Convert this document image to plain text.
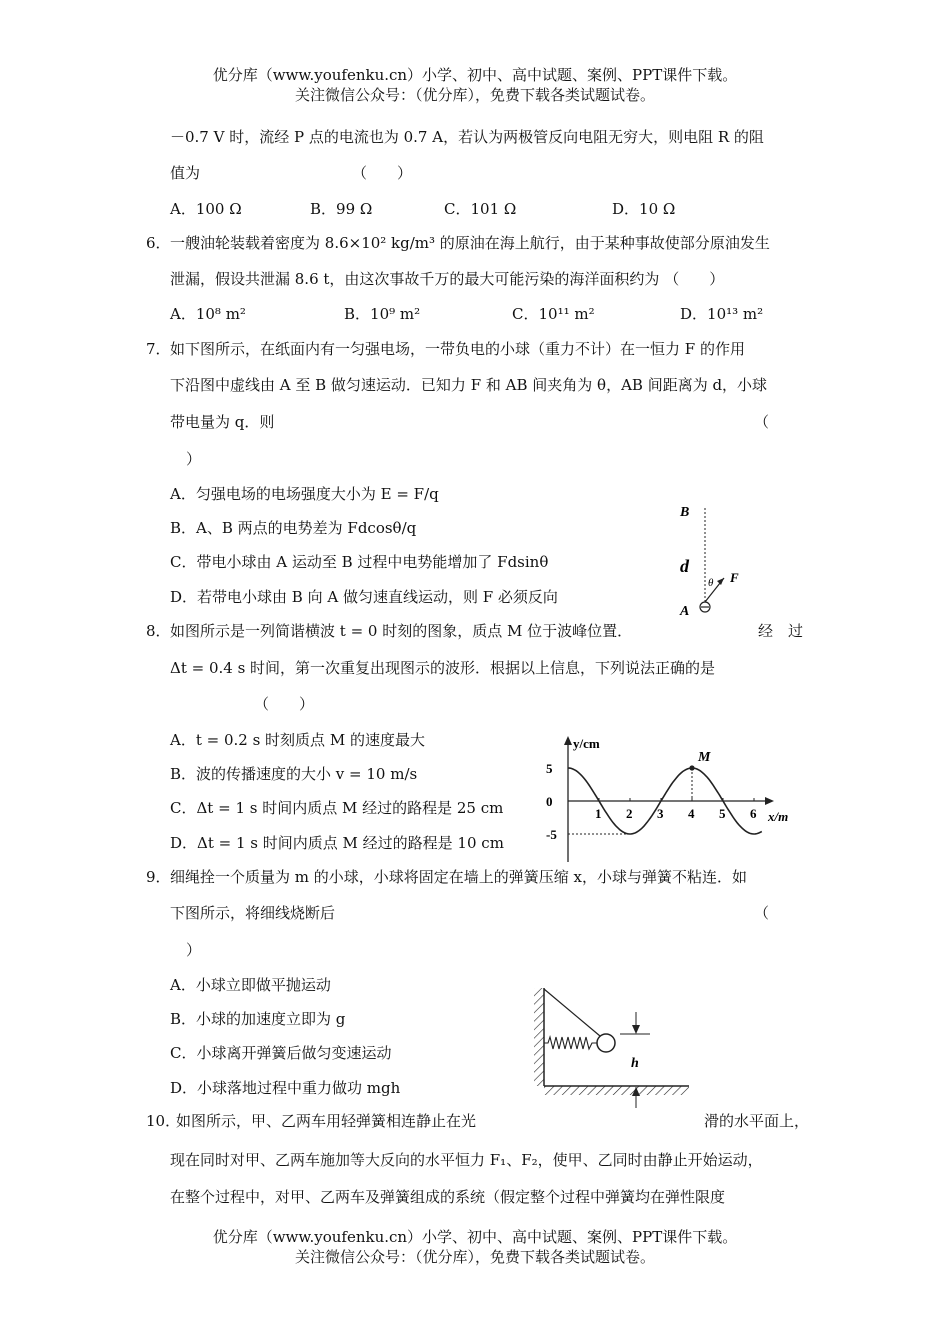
优分库（www.youfenku.cn）小学、初中、高中试题、案例、PPT课件下载。
关注微信公众号：（优分库），免费下载各类试题试卷。
－0.7 V 时，流经 P 点的电流也为 0.7 A，若认为两极管反向电阻无穷大，则电阻 R 的阻
值为	（　　）
A．100 Ω	B．99 Ω	C．101 Ω	D．10 Ω
6． 一艘油轮装载着密度为 8.6×10² kg/m³ 的原油在海上航行，由于某种事故使部分原油发生
泄漏，假设共泄漏 8.6 t，由这次事故千万的最大可能污染的海洋面积约为 （　　）
A．10⁸ m²	B．10⁹ m²	C．10¹¹ m²	D．10¹³ m²
7． 如下图所示，在纸面内有一匀强电场，一带负电的小球（重力不计）在一恒力 F 的作用
下沿图中虚线由 A 至 B 做匀速运动．已知力 F 和 AB 间夹角为 θ，AB 间距离为 d，小球
带电量为 q．则	（
）
A．匀强电场的电场强度大小为 E = F/q
B．A、B 两点的电势差为 Fdcosθ/q
C．带电小球由 A 运动至 B 过程中电势能增加了 Fdsinθ
D．若带电小球由 B 向 A 做匀速直线运动，则 F 必须反向
B
d
θ F
A
8． 如图所示是一列简谐横波 t = 0 时刻的图象，质点 M 位于波峰位置．	经　过
Δt = 0.4 s 时间，第一次重复出现图示的波形．根据以上信息，下列说法正确的是
（　　）
A．t = 0.2 s 时刻质点 M 的速度最大
B．波的传播速度的大小 v = 10 m/s
C．Δt = 1 s 时间内质点 M 经过的路程是 25 cm
D．Δt = 1 s 时间内质点 M 经过的路程是 10 cm
y/cm
x/m
5
0
-5
1 2 3 4 5 6
M
9． 细绳拴一个质量为 m 的小球，小球将固定在墙上的弹簧压缩 x，小球与弹簧不粘连．如
下图所示，将细线烧断后	（
）
A．小球立即做平抛运动
B．小球的加速度立即为 g
C．小球离开弹簧后做匀变速运动
D．小球落地过程中重力做功 mgh
h
10．
如图所示，甲、乙两车用轻弹簧相连静止在光	滑的水平面上，
现在同时对甲、乙两车施加等大反向的水平恒力 F₁、F₂，使甲、乙同时由静止开始运动，
在整个过程中，对甲、乙两车及弹簧组成的系统（假定整个过程中弹簧均在弹性限度
优分库（www.youfenku.cn）小学、初中、高中试题、案例、PPT课件下载。
关注微信公众号：（优分库），免费下载各类试题试卷。
